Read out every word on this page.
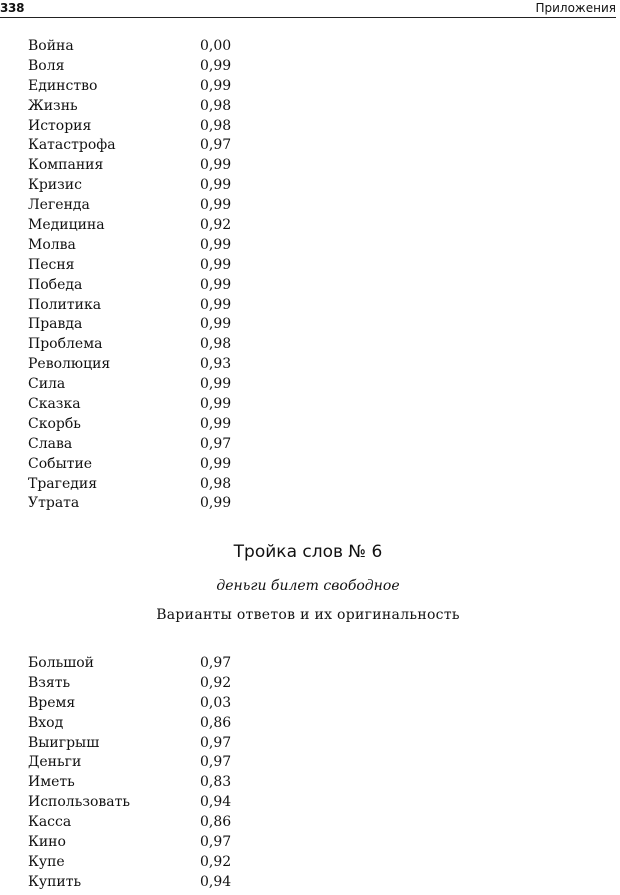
338	Приложения
Война	0,00
Воля	0,99
Единство	0,99
Жизнь	0,98
История	0,98
Катастрофа	0,97
Компания	0,99
Кризис	0,99
Легенда	0,99
Медицина	0,92
Молва	0,99
Песня	0,99
Победа	0,99
Политика	0,99
Правда	0,99
Проблема	0,98
Революция	0,93
Сила	0,99
Сказка	0,99
Скорбь	0,99
Слава	0,97
Событие	0,99
Трагедия	0,98
Утрата	0,99
Тройка слов № 6
деньги билет свободное
Варианты ответов и их оригинальность
Большой	0,97
Взять	0,92
Время	0,03
Вход	0,86
Выигрыш	0,97
Деньги	0,97
Иметь	0,83
Использовать	0,94
Касса	0,86
Кино	0,97
Купе	0,92
Купить	0,94
